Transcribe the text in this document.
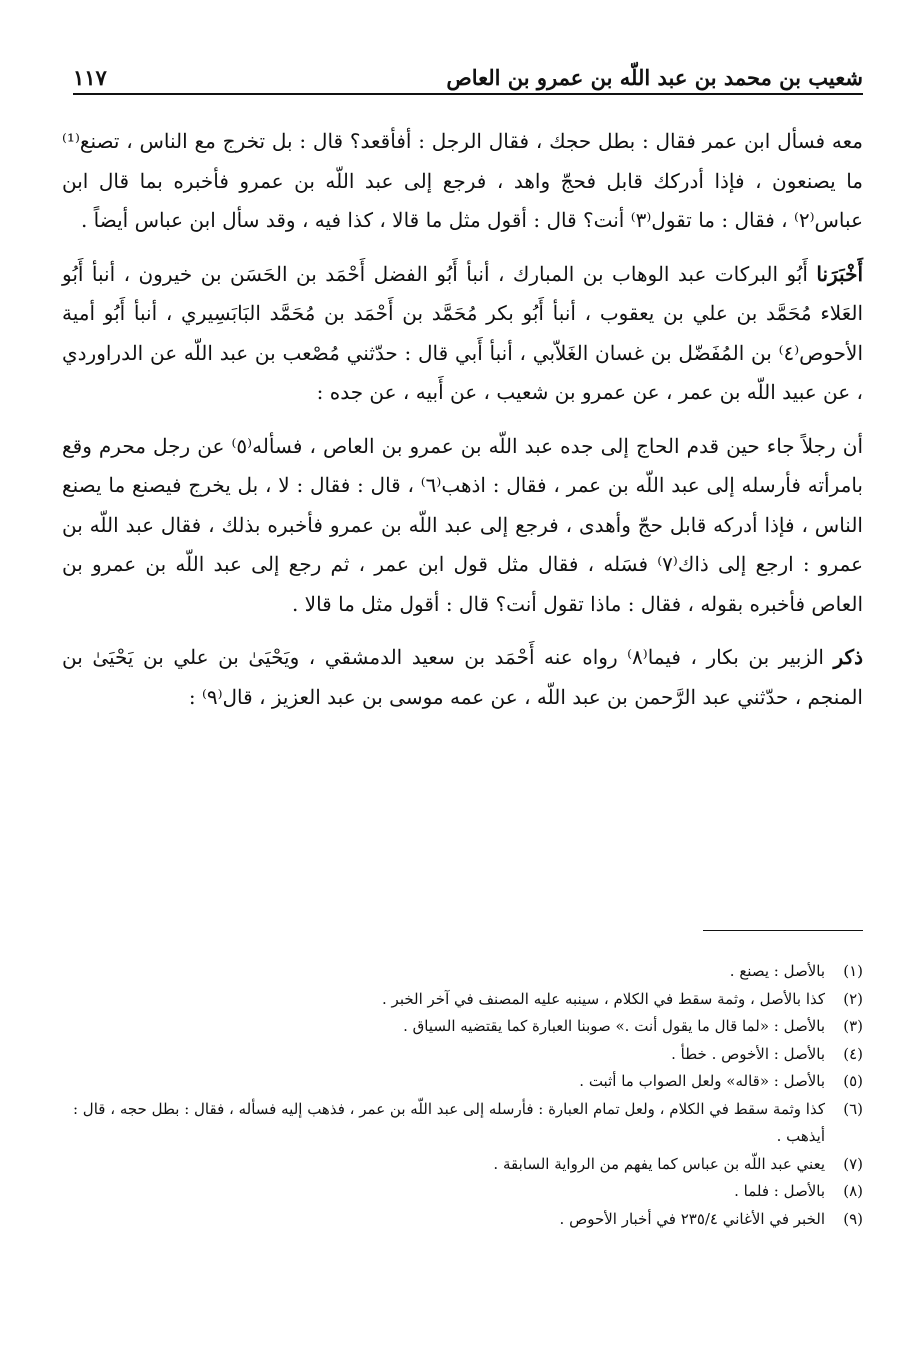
شعيب بن محمد بن عبد اللّه بن عمرو بن العاص
١١٧

معه فسأل ابن عمر فقال : بطل حجك ، فقال الرجل : أفأقعد؟ قال : بل تخرج مع الناس ، تصنع⁽¹⁾ ما يصنعون ، فإذا أدركك قابل فحجّ واهد ، فرجع إلى عبد اللّه بن عمرو فأخبره بما قال ابن عباس⁽٢⁾ ، فقال : ما تقول⁽٣⁾ أنت؟ قال : أقول مثل ما قالا ، كذا فيه ، وقد سأل ابن عباس أيضاً .

أَخْبَرَنا أَبُو البركات عبد الوهاب بن المبارك ، أنبأ أَبُو الفضل أَحْمَد بن الحَسَن بن خيرون ، أنبأ أَبُو العَلاء مُحَمَّد بن علي بن يعقوب ، أنبأ أَبُو بكر مُحَمَّد بن أَحْمَد بن مُحَمَّد البَابَسِيري ، أنبأ أَبُو أمية الأحوص⁽٤⁾ بن المُفَضّل بن غسان الغَلاّبي ، أنبأ أَبي قال : حدّثني مُصْعب بن عبد اللّه عن الدراوردي ، عن عبيد اللّه بن عمر ، عن عمرو بن شعيب ، عن أَبيه ، عن جده :

أن رجلاً جاء حين قدم الحاج إلى جده عبد اللّه بن عمرو بن العاص ، فسأله⁽٥⁾ عن رجل محرم وقع بامرأته فأرسله إلى عبد اللّه بن عمر ، فقال : اذهب⁽٦⁾ ، قال : فقال : لا ، بل يخرج فيصنع ما يصنع الناس ، فإذا أدركه قابل حجّ وأهدى ، فرجع إلى عبد اللّه بن عمرو فأخبره بذلك ، فقال عبد اللّه بن عمرو : ارجع إلى ذاك⁽٧⁾ فسَله ، فقال مثل قول ابن عمر ، ثم رجع إلى عبد اللّه بن عمرو بن العاص فأخبره بقوله ، فقال : ماذا تقول أنت؟ قال : أقول مثل ما قالا .

ذكر الزبير بن بكار ، فيما⁽٨⁾ رواه عنه أَحْمَد بن سعيد الدمشقي ، ويَحْيَىٰ بن علي بن يَحْيَىٰ بن المنجم ، حدّثني عبد الرَّحمن بن عبد اللّه ، عن عمه موسى بن عبد العزيز ، قال⁽٩⁾ :

(١)
بالأصل : يصنع .
(٢)
كذا بالأصل ، وثمة سقط في الكلام ، سينبه عليه المصنف في آخر الخبر .
(٣)
بالأصل : «لما قال ما يقول أنت .» صوبنا العبارة كما يقتضيه السياق .
(٤)
بالأصل : الأخوص . خطأ .
(٥)
بالأصل : «قاله» ولعل الصواب ما أثبت .
(٦)
كذا وثمة سقط في الكلام ، ولعل تمام العبارة : فأرسله إلى عبد اللّه بن عمر ، فذهب إليه فسأله ، فقال : بطل حجه ، قال : أيذهب .
(٧)
يعني عبد اللّه بن عباس كما يفهم من الرواية السابقة .
(٨)
بالأصل : فلما .
(٩)
الخبر في الأغاني ٢٣٥/٤ في أخبار الأحوص .
